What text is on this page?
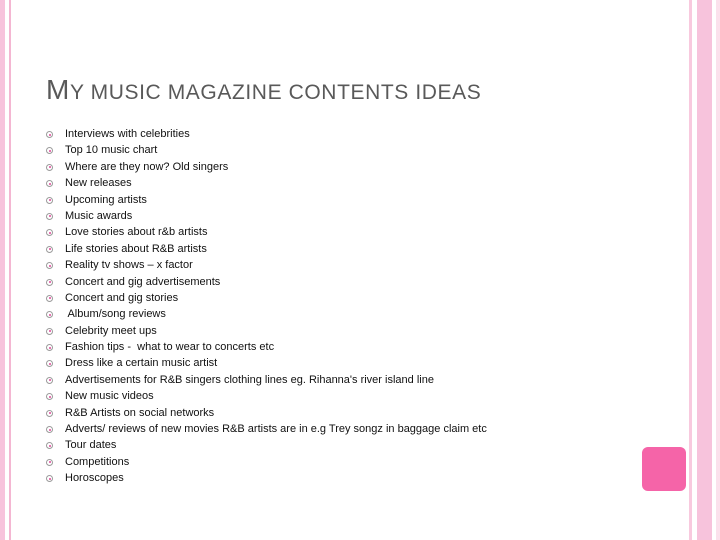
MY MUSIC MAGAZINE CONTENTS IDEAS
Interviews with celebrities
Top 10 music chart
Where are they now? Old singers
New releases
Upcoming artists
Music awards
Love stories about r&b artists
Life stories about R&B artists
Reality tv shows – x factor
Concert and gig advertisements
Concert and gig stories
Album/song reviews
Celebrity meet ups
Fashion tips -  what to wear to concerts etc
Dress like a certain music artist
Advertisements for R&B singers clothing lines eg. Rihanna's river island line
New music videos
R&B Artists on social networks
Adverts/ reviews of new movies R&B artists are in e.g Trey songz in baggage claim etc
Tour dates
Competitions
Horoscopes
